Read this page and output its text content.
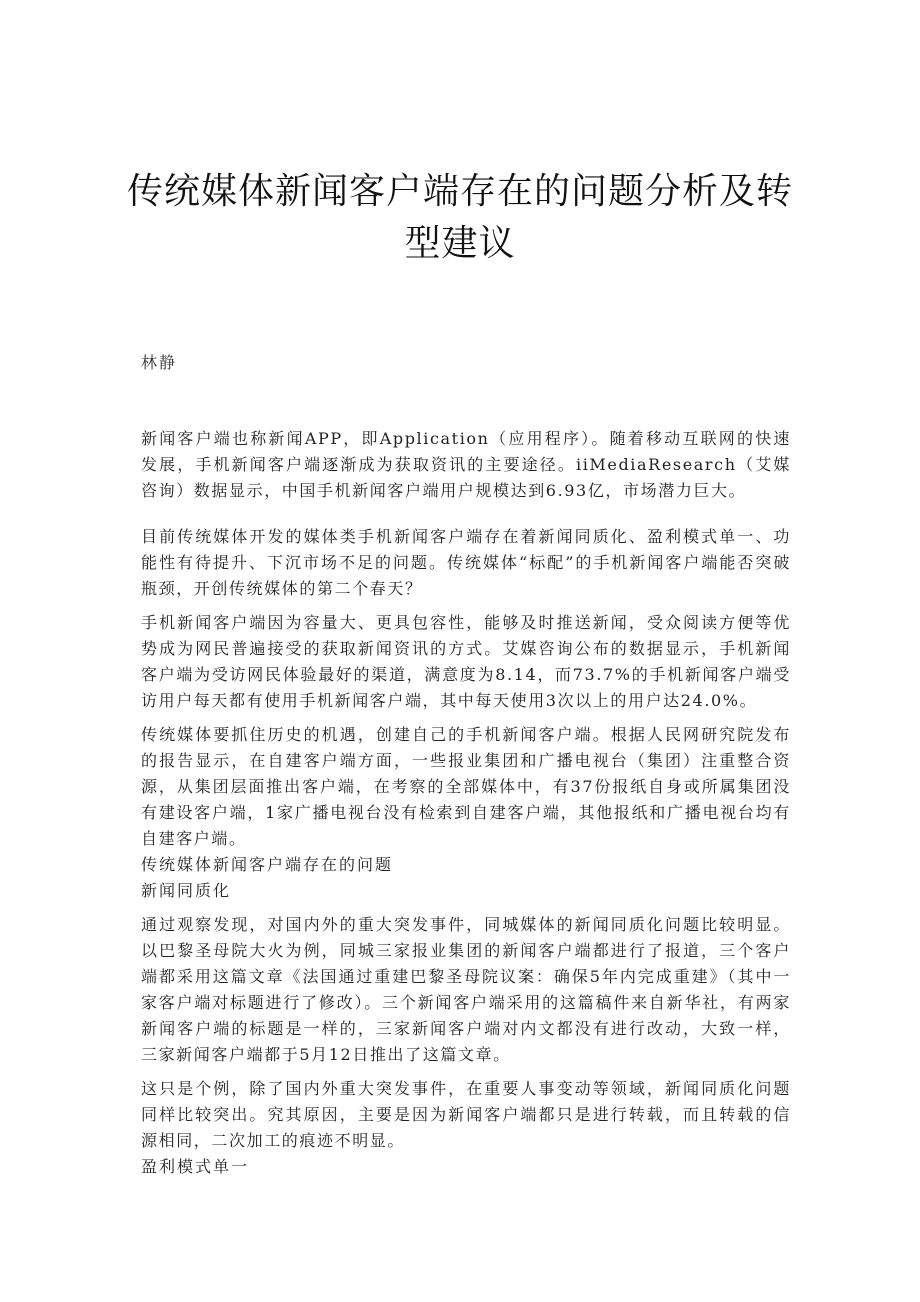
传统媒体新闻客户端存在的问题分析及转型建议
林静

新闻客户端也称新闻APP，即Application（应用程序）。随着移动互联网的快速发展，手机新闻客户端逐渐成为获取资讯的主要途径。iiMediaResearch（艾媒咨询）数据显示，中国手机新闻客户端用户规模达到6.93亿，市场潜力巨大。

目前传统媒体开发的媒体类手机新闻客户端存在着新闻同质化、盈利模式单一、功能性有待提升、下沉市场不足的问题。传统媒体“标配”的手机新闻客户端能否突破瓶颈，开创传统媒体的第二个春天？

手机新闻客户端因为容量大、更具包容性，能够及时推送新闻，受众阅读方便等优势成为网民普遍接受的获取新闻资讯的方式。艾媒咨询公布的数据显示，手机新闻客户端为受访网民体验最好的渠道，满意度为8.14，而73.7%的手机新闻客户端受访用户每天都有使用手机新闻客户端，其中每天使用3次以上的用户达24.0%。

传统媒体要抓住历史的机遇，创建自己的手机新闻客户端。根据人民网研究院发布的报告显示，在自建客户端方面，一些报业集团和广播电视台（集团）注重整合资源，从集团层面推出客户端，在考察的全部媒体中，有37份报纸自身或所属集团没有建设客户端，1家广播电视台没有检索到自建客户端，其他报纸和广播电视台均有自建客户端。

传统媒体新闻客户端存在的问题

新闻同质化

通过观察发现，对国内外的重大突发事件，同城媒体的新闻同质化问题比较明显。以巴黎圣母院大火为例，同城三家报业集团的新闻客户端都进行了报道，三个客户端都采用这篇文章《法国通过重建巴黎圣母院议案：确保5年内完成重建》（其中一家客户端对标题进行了修改）。三个新闻客户端采用的这篇稿件来自新华社，有两家新闻客户端的标题是一样的，三家新闻客户端对内文都没有进行改动，大致一样，三家新闻客户端都于5月12日推出了这篇文章。

这只是个例，除了国内外重大突发事件，在重要人事变动等领域，新闻同质化问题同样比较突出。究其原因，主要是因为新闻客户端都只是进行转载，而且转载的信源相同，二次加工的痕迹不明显。

盈利模式单一
